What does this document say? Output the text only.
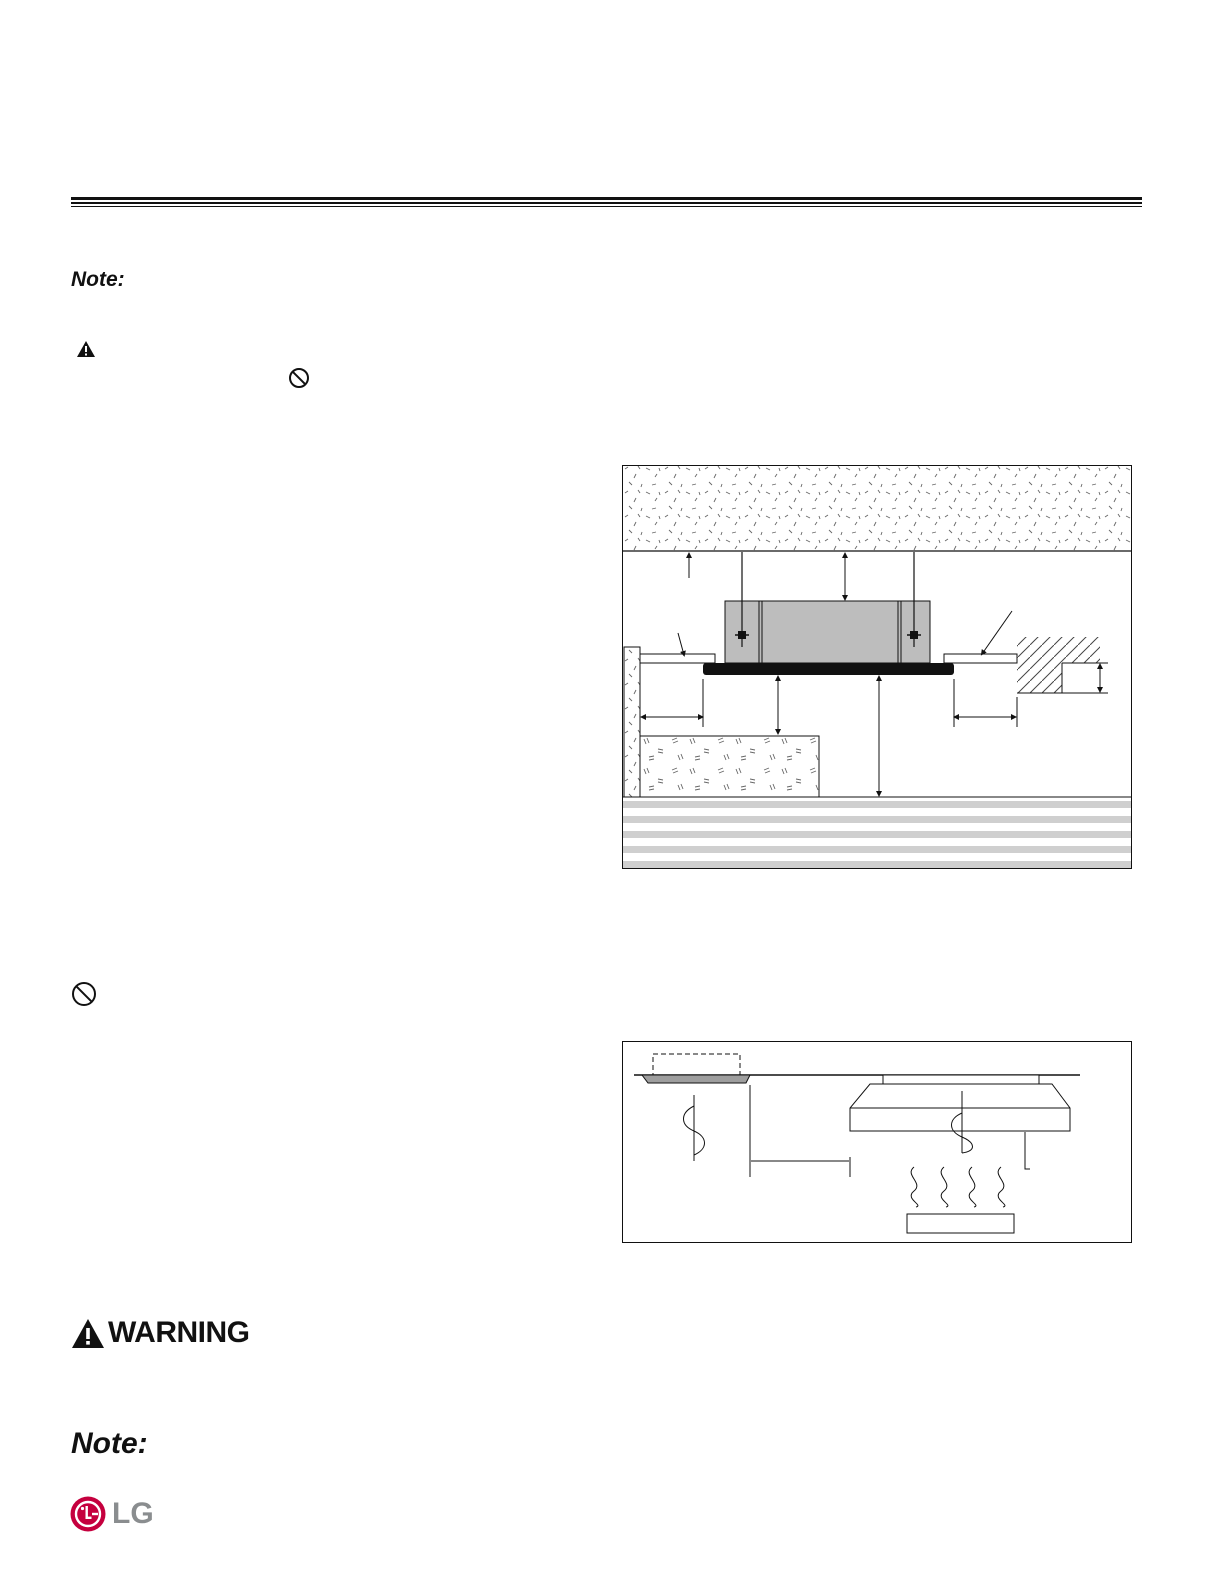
Note:
WARNING
Note:
LG
